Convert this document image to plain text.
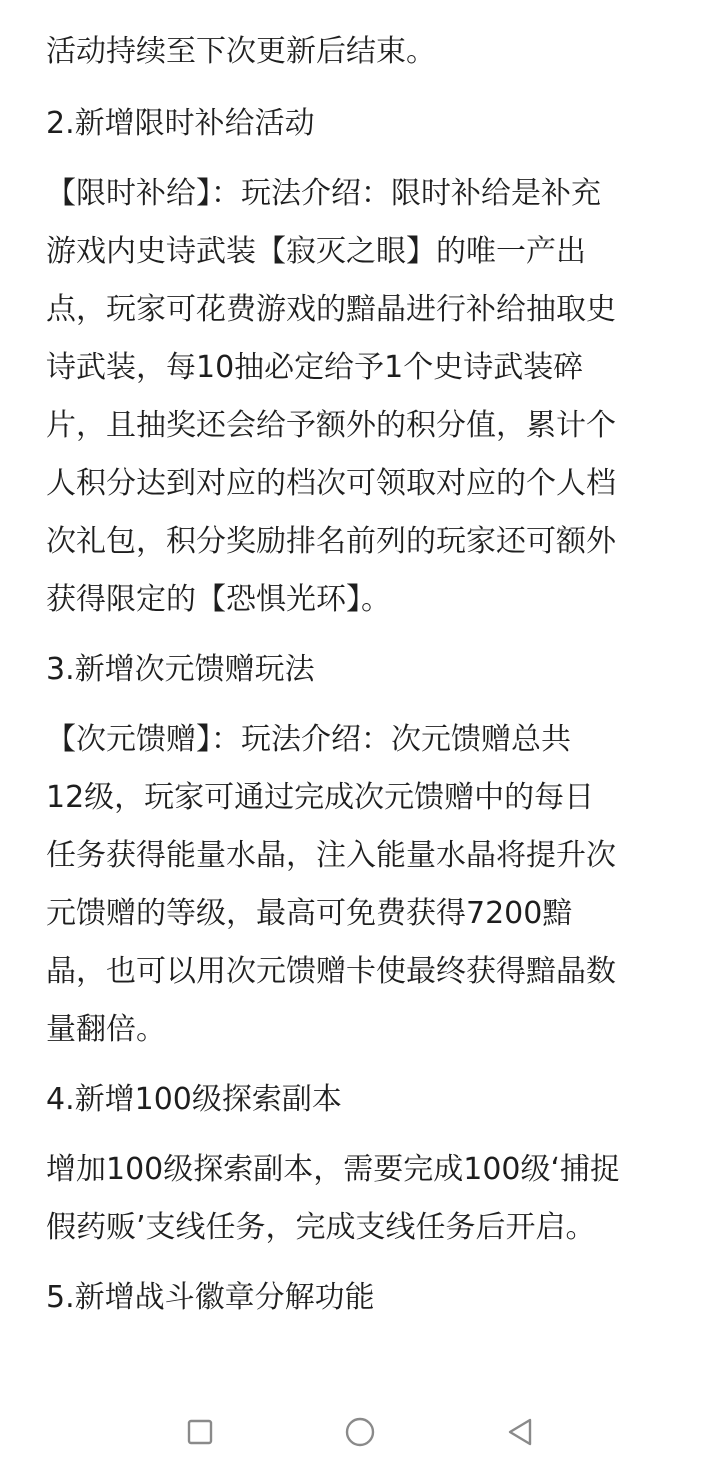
活动持续至下次更新后结束。

2.新增限时补给活动

【限时补给】：玩法介绍：限时补给是补充

游戏内史诗武装【寂灭之眼】的唯一产出

点，玩家可花费游戏的黯晶进行补给抽取史

诗武装，每10抽必定给予1个史诗武装碎

片，且抽奖还会给予额外的积分值，累计个

人积分达到对应的档次可领取对应的个人档

次礼包，积分奖励排名前列的玩家还可额外

获得限定的【恐惧光环】。

3.新增次元馈赠玩法

【次元馈赠】：玩法介绍：次元馈赠总共

12级，玩家可通过完成次元馈赠中的每日

任务获得能量水晶，注入能量水晶将提升次

元馈赠的等级，最高可免费获得7200黯

晶，也可以用次元馈赠卡使最终获得黯晶数

量翻倍。

4.新增100级探索副本

增加100级探索副本，需要完成100级‘捕捉

假药贩’支线任务，完成支线任务后开启。

5.新增战斗徽章分解功能
